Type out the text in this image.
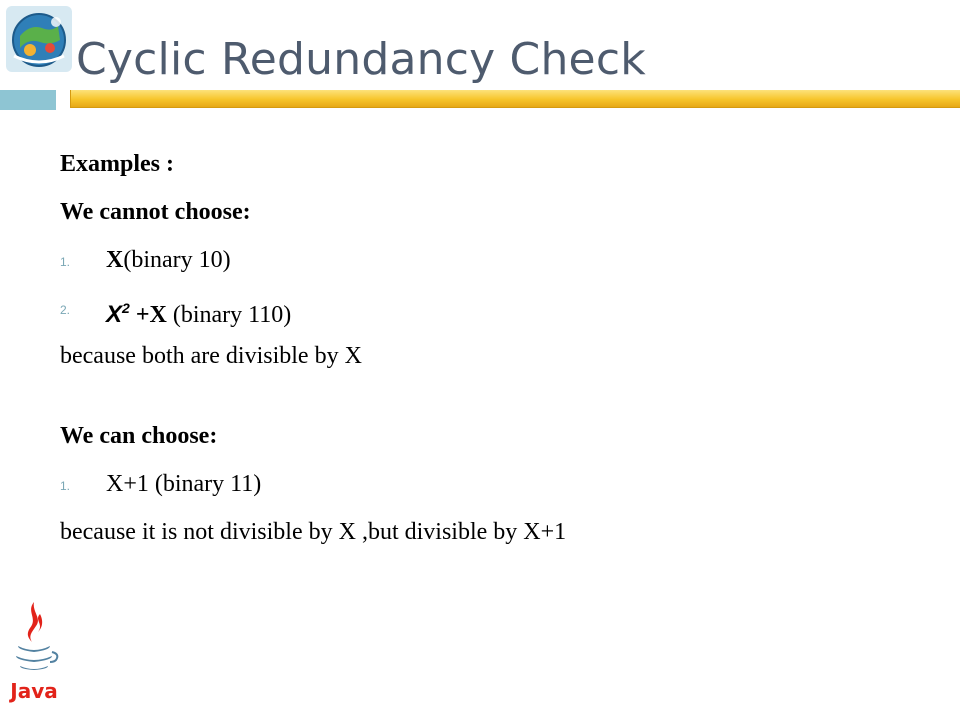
Cyclic Redundancy Check
Examples :
We cannot choose:
1. X(binary 10)
2. $X^2 +X$ (binary 110)
because both are divisible by X
We can choose:
1. X+1 (binary 11)
because it is not divisible by X ,but divisible by X+1
Java
